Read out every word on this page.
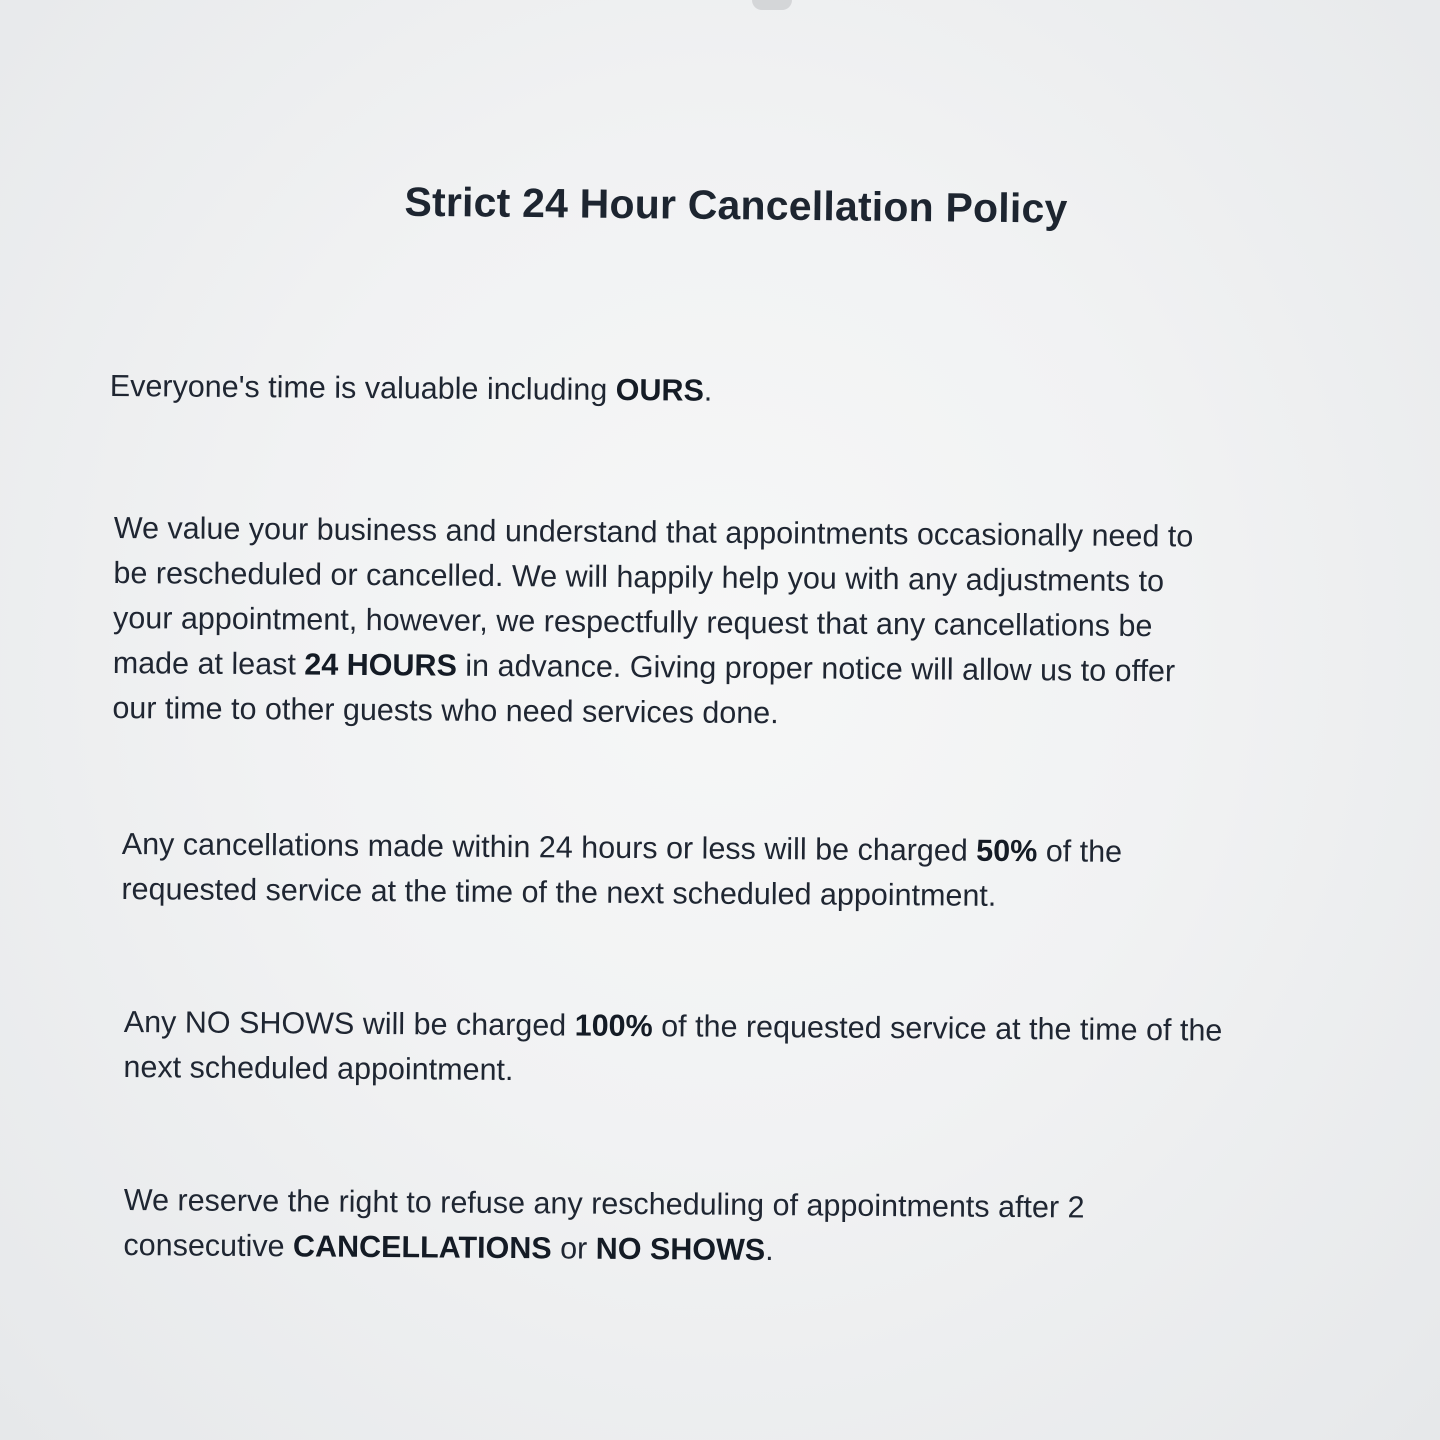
Strict 24 Hour Cancellation Policy

Everyone's time is valuable including OURS.

We value your business and understand that appointments occasionally need to
be rescheduled or cancelled. We will happily help you with any adjustments to
your appointment, however, we respectfully request that any cancellations be
made at least 24 HOURS in advance. Giving proper notice will allow us to offer
our time to other guests who need services done.

Any cancellations made within 24 hours or less will be charged 50% of the
requested service at the time of the next scheduled appointment.

Any NO SHOWS will be charged 100% of the requested service at the time of the
next scheduled appointment.

We reserve the right to refuse any rescheduling of appointments after 2
consecutive CANCELLATIONS or NO SHOWS.
